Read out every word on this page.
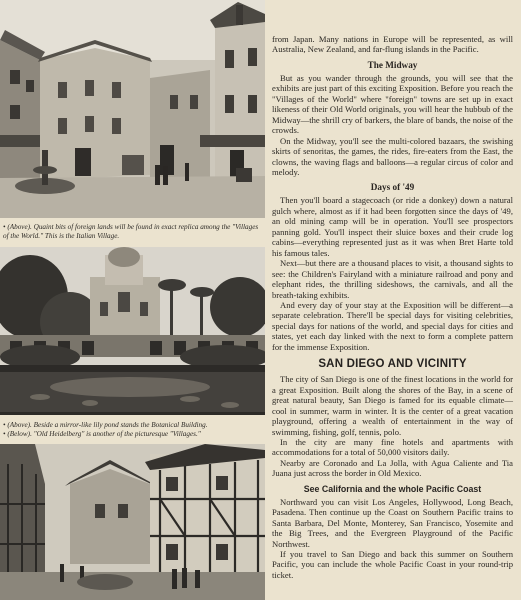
• (Above). Quaint bits of foreign lands will be found in exact replica among the "Villages of the World." This is the Italian Village.
• (Above). Beside a mirror-like lily pond stands the Botanical Building.
• (Below). "Old Heidelberg" is another of the picturesque "Villages."

from Japan. Many nations in Europe will be represented, as will Australia, New Zealand, and far-flung islands in the Pacific.

The Midway

But as you wander through the grounds, you will see that the exhibits are just part of this exciting Exposition. Before you reach the "Villages of the World" where "foreign" towns are set up in exact likeness of their Old World originals, you will hear the hubbub of the Midway—the shrill cry of barkers, the blare of bands, the noise of the crowds.

On the Midway, you'll see the multi-colored bazaars, the swishing skirts of senoritas, the games, the rides, fire-eaters from the East, the clowns, the waving flags and balloons—a regular circus of color and melody.

Days of '49

Then you'll board a stagecoach (or ride a donkey) down a natural gulch where, almost as if it had been forgotten since the days of '49, an old mining camp will be in operation. You'll see prospectors panning gold. You'll inspect their sluice boxes and their crude log cabins—everything represented just as it was when Bret Harte told his famous tales.

Next—but there are a thousand places to visit, a thousand sights to see: the Children's Fairyland with a miniature railroad and pony and elephant rides, the thrilling sideshows, the carnivals, and all the breath-taking exhibits.

And every day of your stay at the Exposition will be different—a separate celebration. There'll be special days for visiting celebrities, special days for nations of the world, and special days for cities and states, yet each day linked with the next to form a complete pattern for the immense Exposition.

SAN DIEGO AND VICINITY

The city of San Diego is one of the finest locations in the world for a great Exposition. Built along the shores of the Bay, in a scene of great natural beauty, San Diego is famed for its equable climate—cool in summer, warm in winter. It is the center of a great vacation playground, offering a wealth of entertainment in the way of swimming, fishing, golf, tennis, polo.

In the city are many fine hotels and apartments with accommodations for a total of 50,000 visitors daily.

Nearby are Coronado and La Jolla, with Agua Caliente and Tia Juana just across the border in Old Mexico.

See California and the whole Pacific Coast

Northward you can visit Los Angeles, Hollywood, Long Beach, Pasadena. Then continue up the Coast on Southern Pacific trains to Santa Barbara, Del Monte, Monterey, San Francisco, Yosemite and the Big Trees, and the Evergreen Playground of the Pacific Northwest.

If you travel to San Diego and back this summer on Southern Pacific, you can include the whole Pacific Coast in your round-trip ticket.
